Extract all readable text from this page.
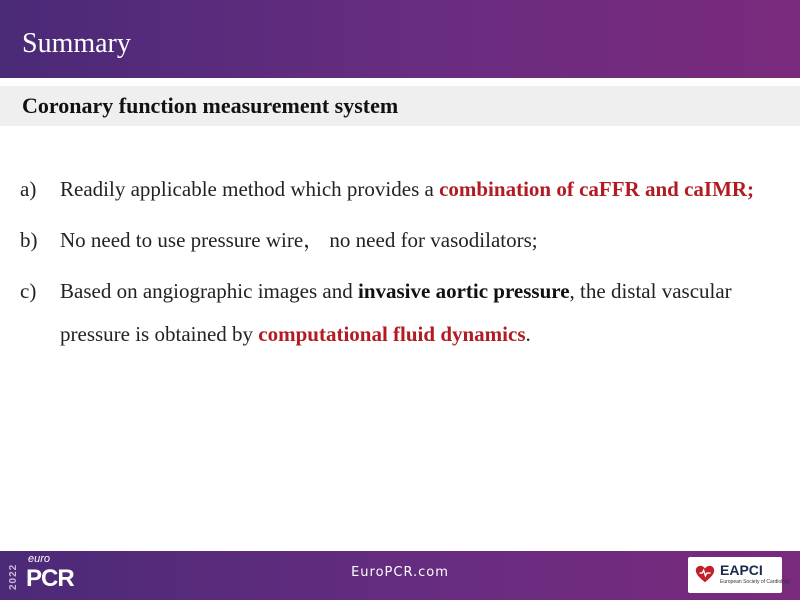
Summary
Coronary function measurement system
a)	Readily applicable method which provides a combination of caFFR and caIMR;
b)	No need to use pressure wire， no need for vasodilators;
c)	Based on angiographic images and invasive aortic pressure, the distal vascular pressure is obtained by computational fluid dynamics.
2022
euro
PCR	EuroPCR.com	EAPCI
European Society of Cardiology
